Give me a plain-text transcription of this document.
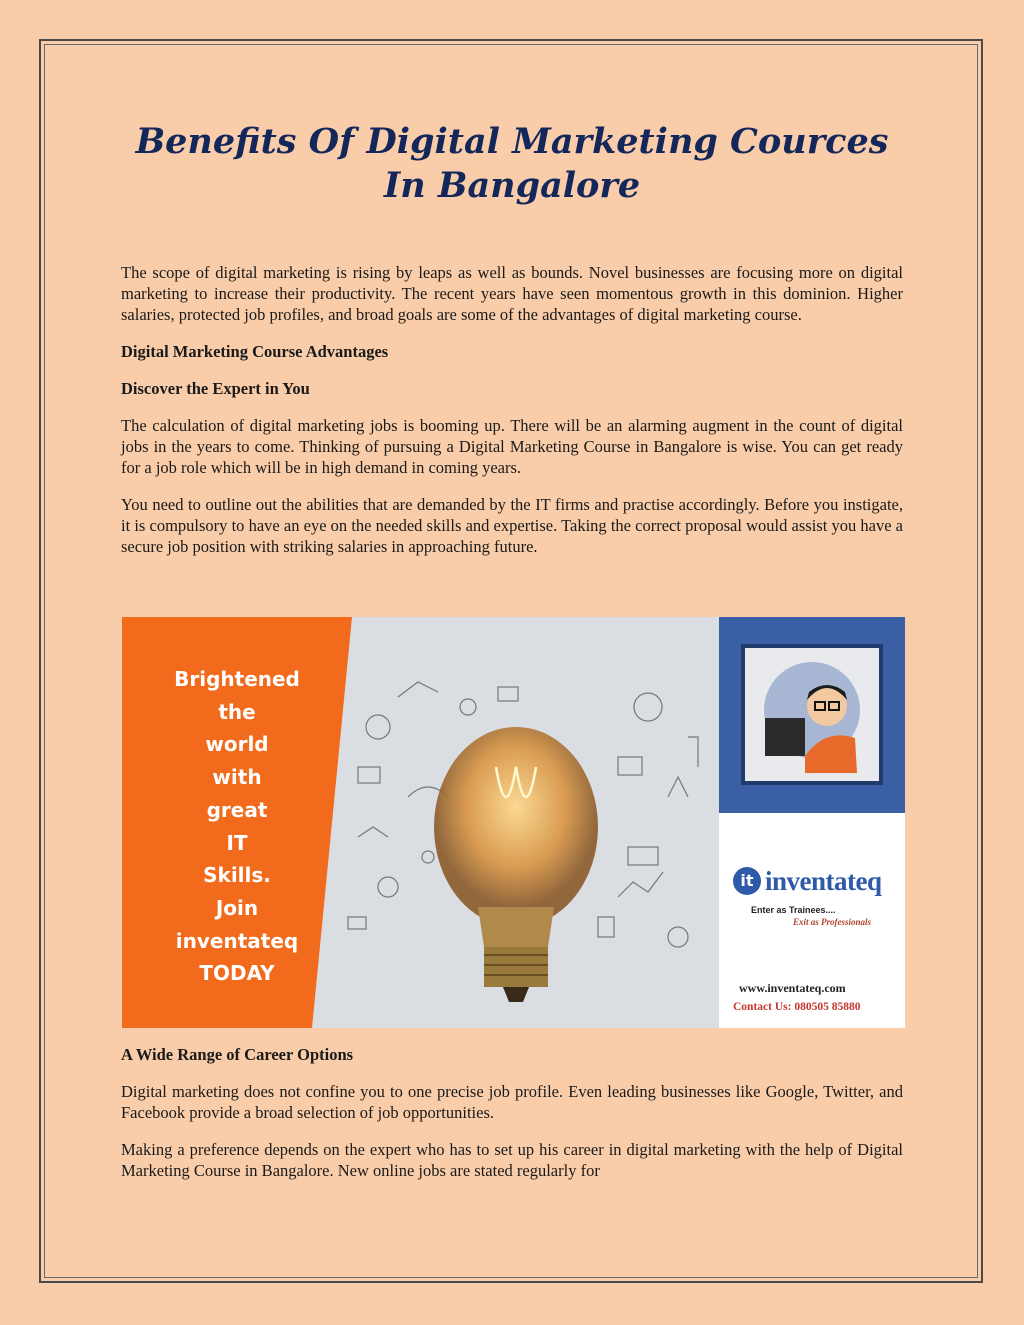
Benefits Of Digital Marketing Cources
In Bangalore

The scope of digital marketing is rising by leaps as well as bounds. Novel businesses are focusing more on digital marketing to increase their productivity. The recent years have seen momentous growth in this dominion. Higher salaries, protected job profiles, and broad goals are some of the advantages of digital marketing course.

Digital Marketing Course Advantages
Discover the Expert in You

The calculation of digital marketing jobs is booming up. There will be an alarming augment in the count of digital jobs in the years to come. Thinking of pursuing a Digital Marketing Course in Bangalore is wise. You can get ready for a job role which will be in high demand in coming years.

You need to outline out the abilities that are demanded by the IT firms and practise accordingly. Before you instigate, it is compulsory to have an eye on the needed skills and expertise. Taking the correct proposal would assist you have a secure job position with striking salaries in approaching future.

Brightened
the
world
with
great
IT
Skills.
Join
inventateq
TODAY
it inventateq
Enter as Trainees....
Exit as Professionals
www.inventateq.com
Contact Us: 080505 85880
A Wide Range of Career Options

Digital marketing does not confine you to one precise job profile. Even leading businesses like Google, Twitter, and Facebook provide a broad selection of job opportunities.

Making a preference depends on the expert who has to set up his career in digital marketing with the help of Digital Marketing Course in Bangalore. New online jobs are stated regularly for
